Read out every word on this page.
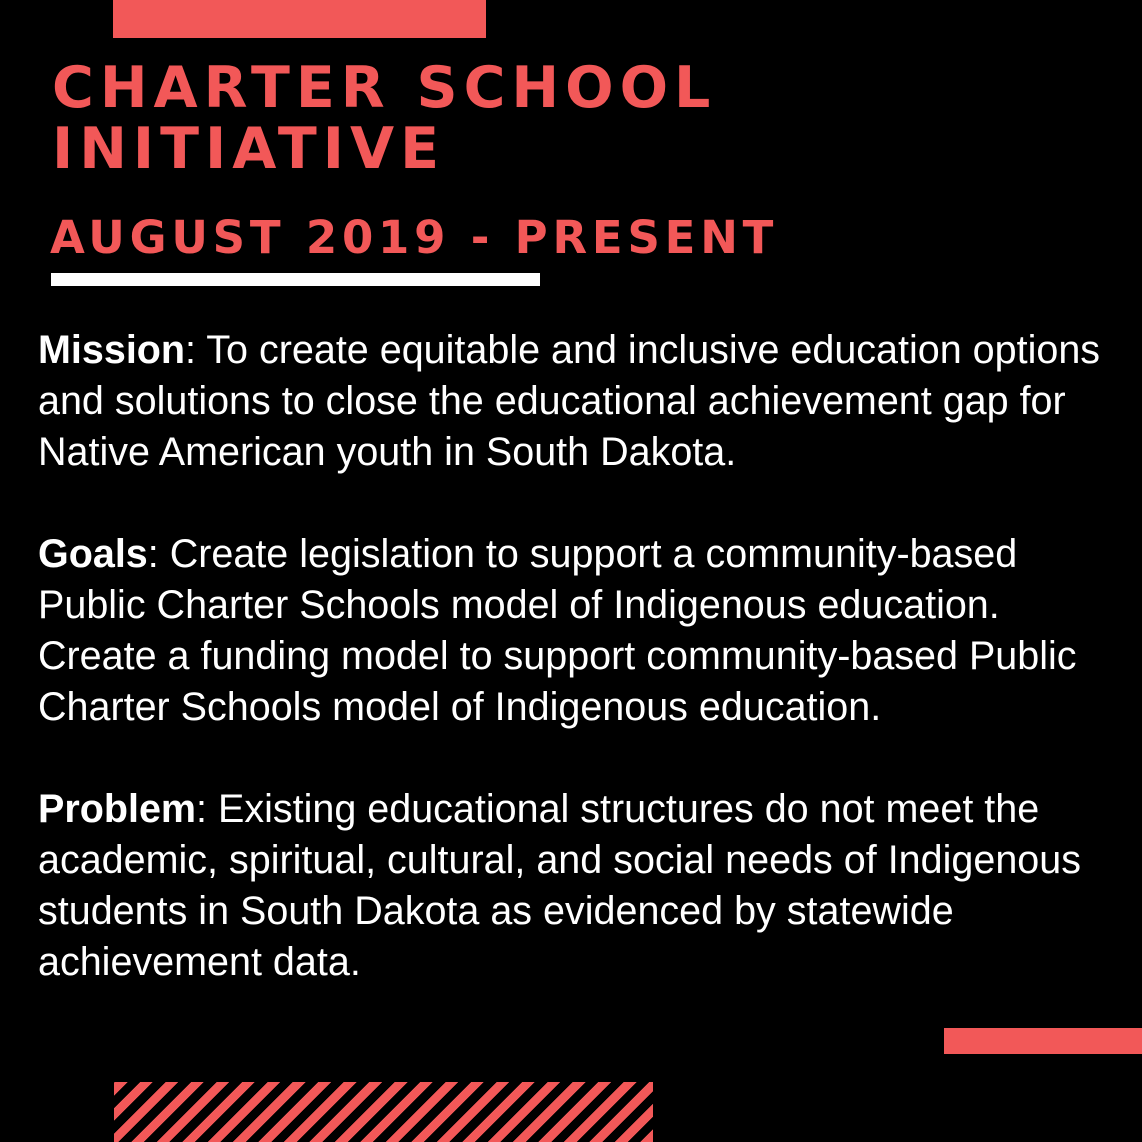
CHARTER SCHOOL
INITIATIVE
AUGUST 2019 - PRESENT

Mission: To create equitable and inclusive education options and solutions to close the educational achievement gap for Native American youth in South Dakota.

Goals: Create legislation to support a community-based Public Charter Schools model of Indigenous education. Create a funding model to support community-based Public Charter Schools model of Indigenous education.

Problem: Existing educational structures do not meet the academic, spiritual, cultural, and social needs of Indigenous students in South Dakota as evidenced by statewide achievement data.
